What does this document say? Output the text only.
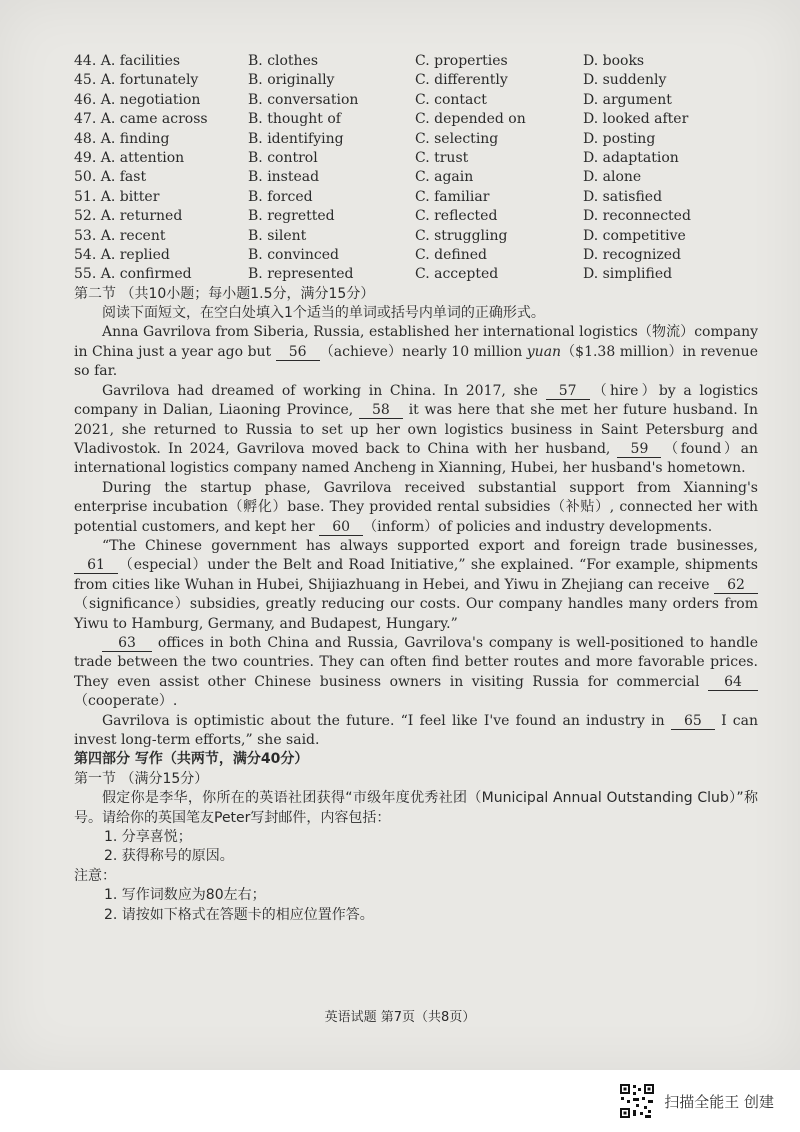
44. A. facilities	B. clothes	C. properties	D. books
45. A. fortunately	B. originally	C. differently	D. suddenly
46. A. negotiation	B. conversation	C. contact	D. argument
47. A. came across	B. thought of	C. depended on	D. looked after
48. A. finding	B. identifying	C. selecting	D. posting
49. A. attention	B. control	C. trust	D. adaptation
50. A. fast	B. instead	C. again	D. alone
51. A. bitter	B. forced	C. familiar	D. satisfied
52. A. returned	B. regretted	C. reflected	D. reconnected
53. A. recent	B. silent	C. struggling	D. competitive
54. A. replied	B. convinced	C. defined	D. recognized
55. A. confirmed	B. represented	C. accepted	D. simplified
第二节 （共10小题；每小题1.5分，满分15分）

阅读下面短文，在空白处填入1个适当的单词或括号内单词的正确形式。

Anna Gavrilova from Siberia, Russia, established her international logistics（物流）company in China just a year ago but 56 （achieve）nearly 10 million yuan（$1.38 million）in revenue so far.

Gavrilova had dreamed of working in China. In 2017, she 57 （hire）by a logistics company in Dalian, Liaoning Province, 58 it was here that she met her future husband. In 2021, she returned to Russia to set up her own logistics business in Saint Petersburg and Vladivostok. In 2024, Gavrilova moved back to China with her husband, 59 （found）an international logistics company named Ancheng in Xianning, Hubei, her husband's hometown.

During the startup phase, Gavrilova received substantial support from Xianning's enterprise incubation（孵化）base. They provided rental subsidies（补贴）, connected her with potential customers, and kept her 60 （inform）of policies and industry developments.

“The Chinese government has always supported export and foreign trade businesses, 61 （especial）under the Belt and Road Initiative,” she explained. “For example, shipments from cities like Wuhan in Hubei, Shijiazhuang in Hebei, and Yiwu in Zhejiang can receive 62（significance）subsidies, greatly reducing our costs. Our company handles many orders from Yiwu to Hamburg, Germany, and Budapest, Hungary.”

63 offices in both China and Russia, Gavrilova's company is well-positioned to handle trade between the two countries. They can often find better routes and more favorable prices. They even assist other Chinese business owners in visiting Russia for commercial 64（cooperate）.

Gavrilova is optimistic about the future. “I feel like I've found an industry in 65 I can invest long-term efforts,” she said.

第四部分 写作（共两节，满分40分）
第一节 （满分15分）

假定你是李华，你所在的英语社团获得“市级年度优秀社团（Municipal Annual Outstanding Club）”称号。请给你的英国笔友Peter写封邮件，内容包括：

1. 分享喜悦；
2. 获得称号的原因。
注意：
1. 写作词数应为80左右；
2. 请按如下格式在答题卡的相应位置作答。
英语试题 第7页（共8页）
扫描全能王 创建
